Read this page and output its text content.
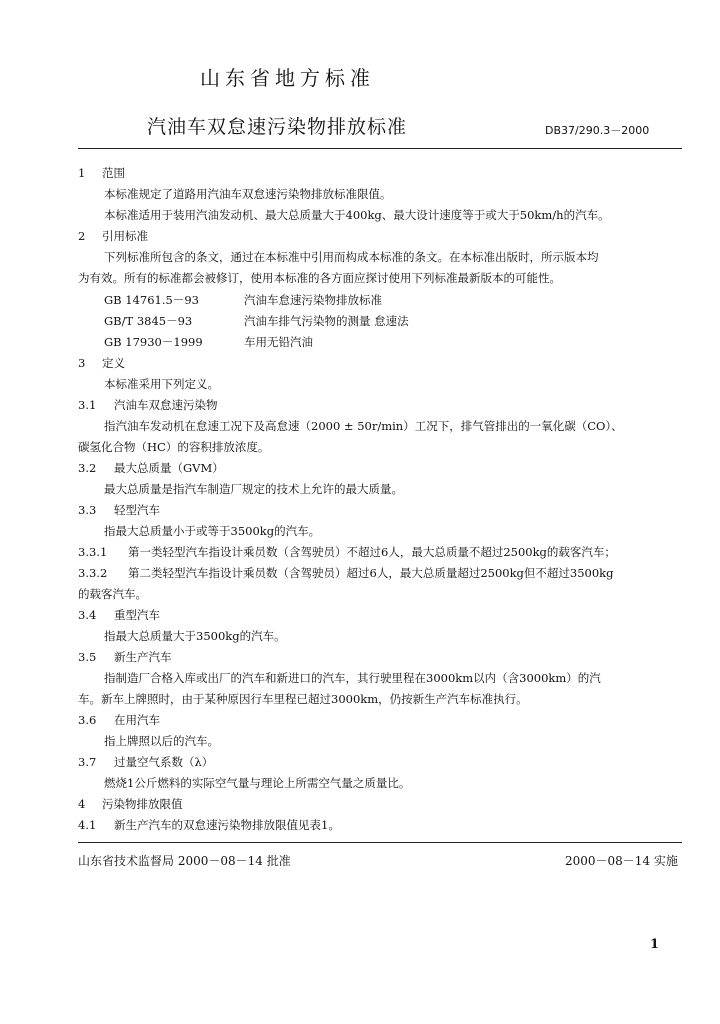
山东省地方标准
汽油车双怠速污染物排放标准	DB37/290.3－2000
1 范围
本标准规定了道路用汽油车双怠速污染物排放标准限值。
本标准适用于装用汽油发动机、最大总质量大于400kg、最大设计速度等于或大于50km/h的汽车。
2 引用标准
下列标准所包含的条文，通过在本标准中引用而构成本标准的条文。在本标准出版时，所示版本均
为有效。所有的标准都会被修订，使用本标准的各方面应探讨使用下列标准最新版本的可能性。
GB 14761.5－93	汽油车怠速污染物排放标准
GB/T 3845－93	汽油车排气污染物的测量 怠速法
GB 17930－1999	车用无铅汽油
3 定义
本标准采用下列定义。
3.1 汽油车双怠速污染物
指汽油车发动机在怠速工况下及高怠速（2000 ± 50r/min）工况下，排气管排出的一氧化碳（CO）、
碳氢化合物（HC）的容积排放浓度。
3.2 最大总质量（GVM）
最大总质量是指汽车制造厂规定的技术上允许的最大质量。
3.3 轻型汽车
指最大总质量小于或等于3500kg的汽车。
3.3.1 第一类轻型汽车指设计乘员数（含驾驶员）不超过6人，最大总质量不超过2500kg的载客汽车；
3.3.2 第二类轻型汽车指设计乘员数（含驾驶员）超过6人，最大总质量超过2500kg但不超过3500kg
的载客汽车。
3.4 重型汽车
指最大总质量大于3500kg的汽车。
3.5 新生产汽车
指制造厂合格入库或出厂的汽车和新进口的汽车，其行驶里程在3000km以内（含3000km）的汽
车。新车上牌照时，由于某种原因行车里程已超过3000km，仍按新生产汽车标准执行。
3.6 在用汽车
指上牌照以后的汽车。
3.7 过量空气系数（λ）
燃烧1公斤燃料的实际空气量与理论上所需空气量之质量比。
4 污染物排放限值
4.1 新生产汽车的双怠速污染物排放限值见表1。
山东省技术监督局 2000－08－14 批准	2000－08－14 实施
1
